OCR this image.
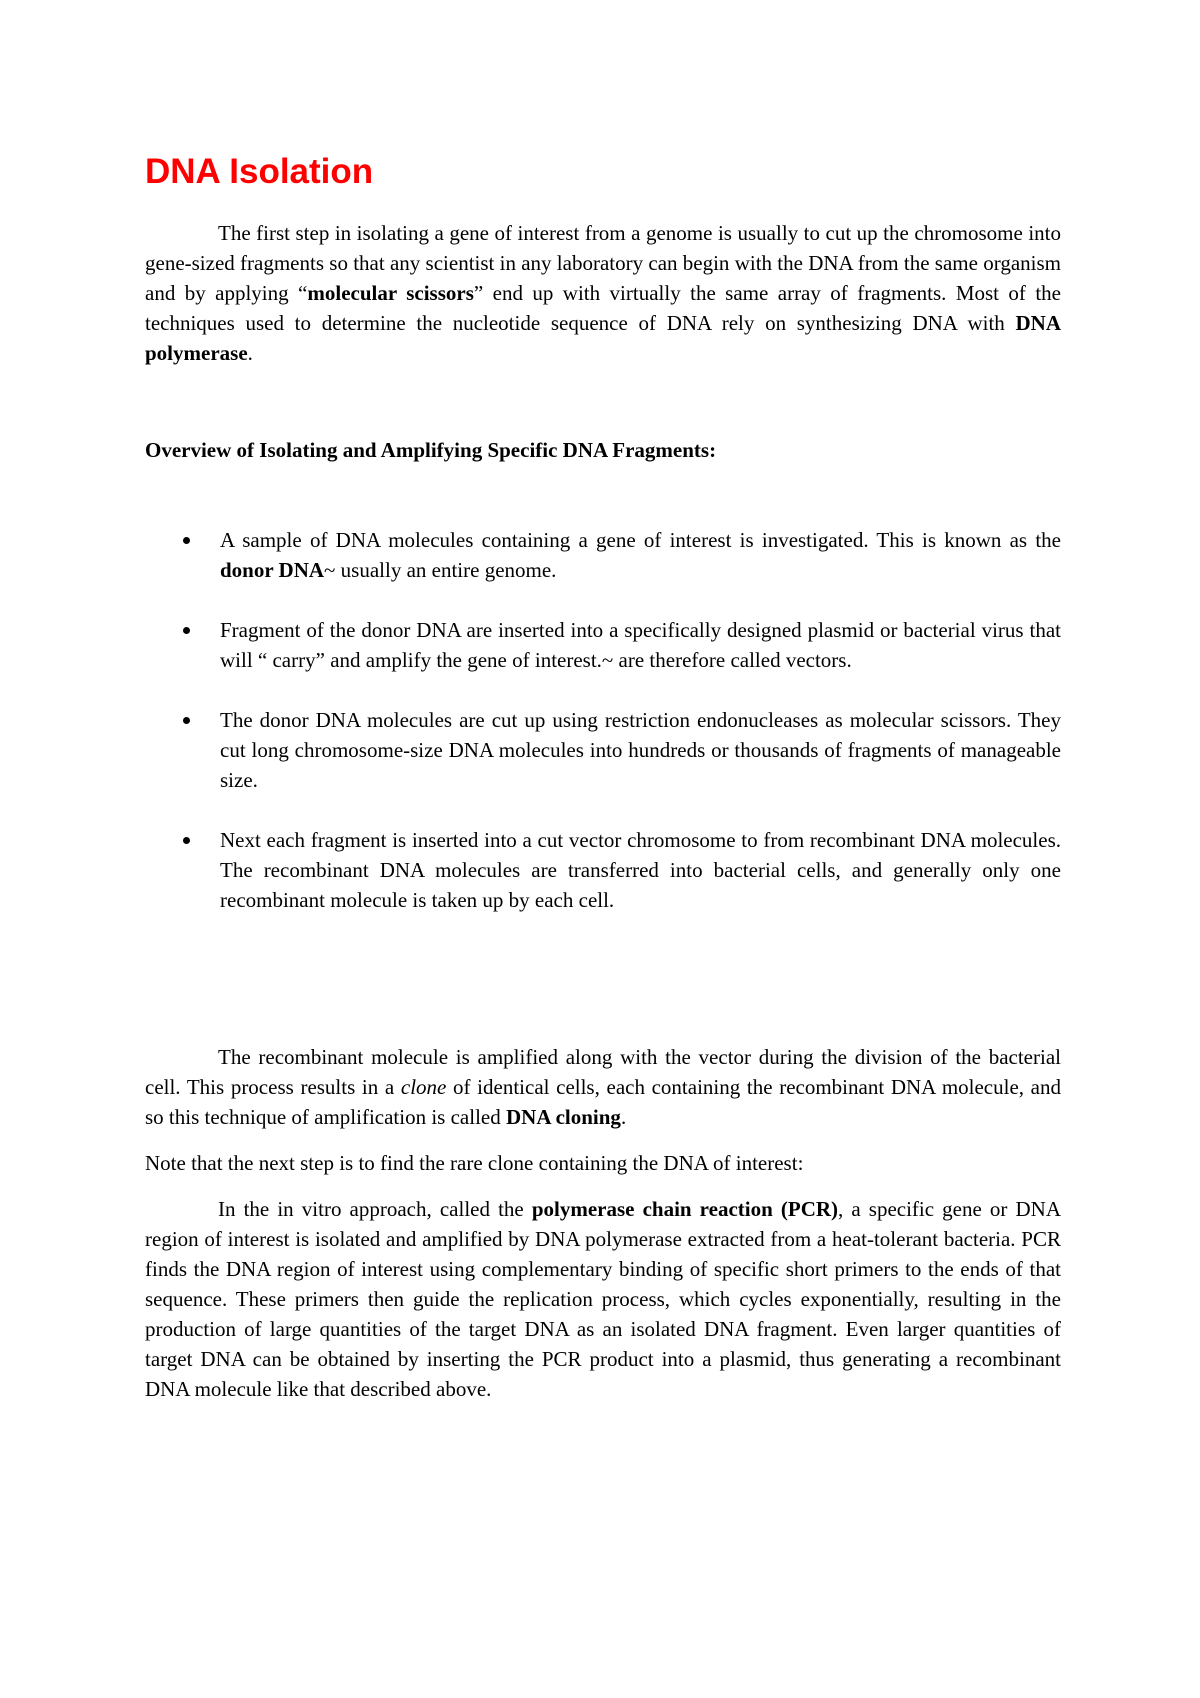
DNA Isolation

The first step in isolating a gene of interest from a genome is usually to cut up the chromosome into gene-sized fragments so that any scientist in any laboratory can begin with the DNA from the same organism and by applying “molecular scissors” end up with virtually the same array of fragments. Most of the techniques used to determine the nucleotide sequence of DNA rely on synthesizing DNA with DNA polymerase.

Overview of Isolating and Amplifying Specific DNA Fragments:
A sample of DNA molecules containing a gene of interest is investigated. This is known as the donor DNA~ usually an entire genome.
Fragment of the donor DNA are inserted into a specifically designed plasmid or bacterial virus that will “ carry” and amplify the gene of interest.~ are therefore called vectors.
The donor DNA molecules are cut up using restriction endonucleases as molecular scissors. They cut long chromosome-size DNA molecules into hundreds or thousands of fragments of manageable size.
Next each fragment is inserted into a cut vector chromosome to from recombinant DNA molecules. The recombinant DNA molecules are transferred into bacterial cells, and generally only one recombinant molecule is taken up by each cell.

The recombinant molecule is amplified along with the vector during the division of the bacterial cell. This process results in a clone of identical cells, each containing the recombinant DNA molecule, and so this technique of amplification is called DNA cloning.

Note that the next step is to find the rare clone containing the DNA of interest:

In the in vitro approach, called the polymerase chain reaction (PCR), a specific gene or DNA region of interest is isolated and amplified by DNA polymerase extracted from a heat-tolerant bacteria. PCR finds the DNA region of interest using complementary binding of specific short primers to the ends of that sequence. These primers then guide the replication process, which cycles exponentially, resulting in the production of large quantities of the target DNA as an isolated DNA fragment. Even larger quantities of target DNA can be obtained by inserting the PCR product into a plasmid, thus generating a recombinant DNA molecule like that described above.
